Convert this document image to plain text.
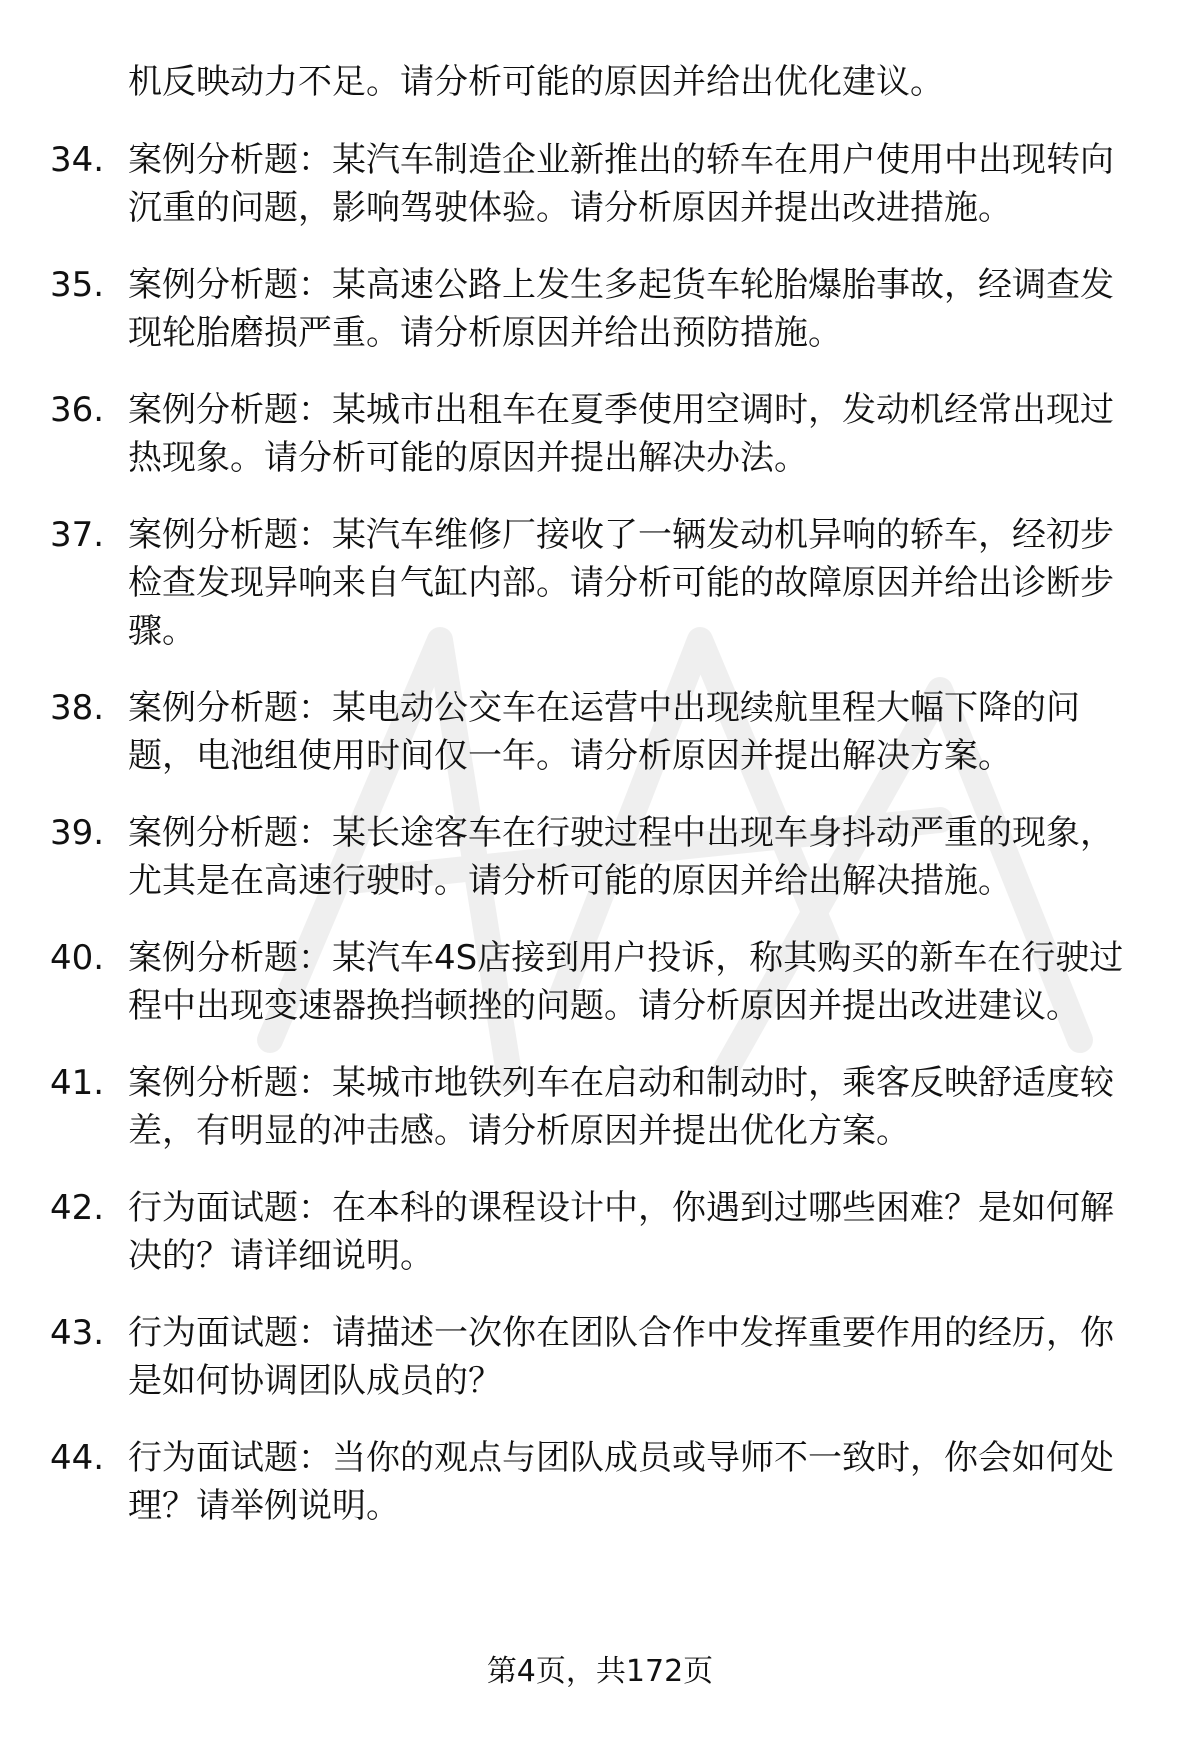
机反映动力不足。请分析可能的原因并给出优化建议。

34. 案例分析题：某汽车制造企业新推出的轿车在用户使用中出现转向沉重的问题，影响驾驶体验。请分析原因并提出改进措施。
35. 案例分析题：某高速公路上发生多起货车轮胎爆胎事故，经调查发现轮胎磨损严重。请分析原因并给出预防措施。
36. 案例分析题：某城市出租车在夏季使用空调时，发动机经常出现过热现象。请分析可能的原因并提出解决办法。
37. 案例分析题：某汽车维修厂接收了一辆发动机异响的轿车，经初步检查发现异响来自气缸内部。请分析可能的故障原因并给出诊断步骤。
38. 案例分析题：某电动公交车在运营中出现续航里程大幅下降的问题，电池组使用时间仅一年。请分析原因并提出解决方案。
39. 案例分析题：某长途客车在行驶过程中出现车身抖动严重的现象，尤其是在高速行驶时。请分析可能的原因并给出解决措施。
40. 案例分析题：某汽车4S店接到用户投诉，称其购买的新车在行驶过程中出现变速器换挡顿挫的问题。请分析原因并提出改进建议。
41. 案例分析题：某城市地铁列车在启动和制动时，乘客反映舒适度较差，有明显的冲击感。请分析原因并提出优化方案。
42. 行为面试题：在本科的课程设计中，你遇到过哪些困难？是如何解决的？请详细说明。
43. 行为面试题：请描述一次你在团队合作中发挥重要作用的经历，你是如何协调团队成员的？
44. 行为面试题：当你的观点与团队成员或导师不一致时，你会如何处理？请举例说明。
第4页，共172页
